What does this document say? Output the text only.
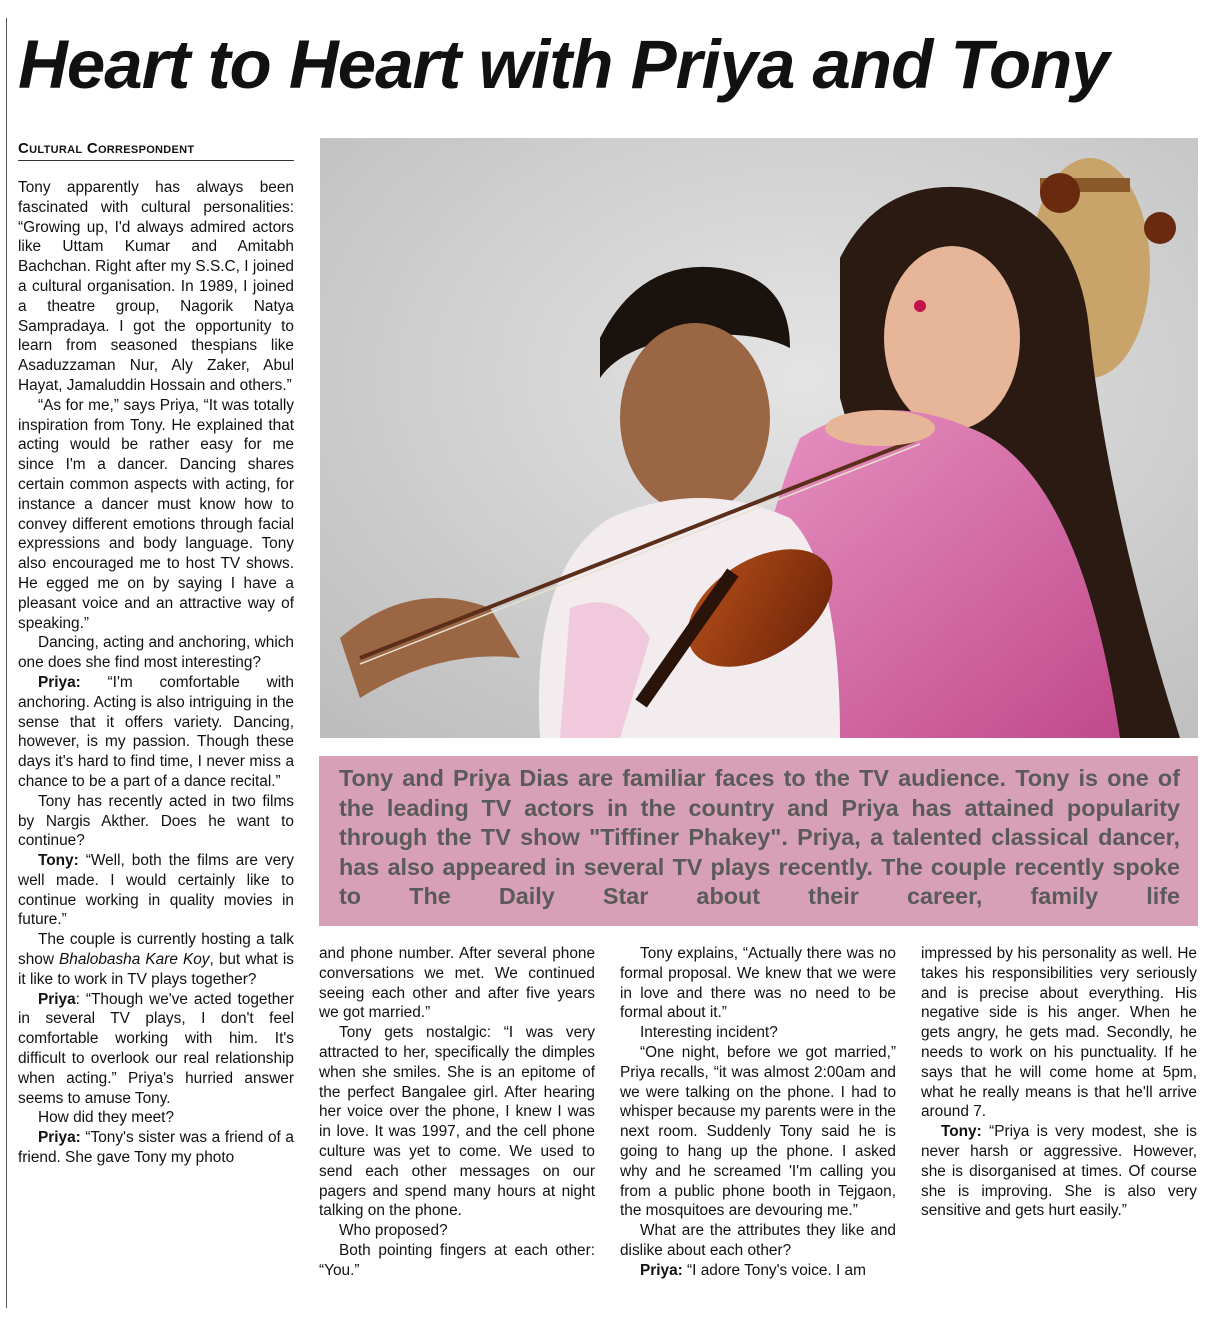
Heart to Heart with Priya and Tony
Cultural Correspondent

Tony apparently has always been fascinated with cultural personalities: “Growing up, I'd always admired actors like Uttam Kumar and Amitabh Bachchan. Right after my S.S.C, I joined a cultural organisation. In 1989, I joined a theatre group, Nagorik Natya Sampradaya. I got the opportunity to learn from seasoned thespians like Asaduzzaman Nur, Aly Zaker, Abul Hayat, Jamaluddin Hossain and others.”

“As for me,” says Priya, “It was totally inspiration from Tony. He explained that acting would be rather easy for me since I'm a dancer. Dancing shares certain common aspects with acting, for instance a dancer must know how to convey different emotions through facial expressions and body language. Tony also encouraged me to host TV shows. He egged me on by saying I have a pleasant voice and an attractive way of speaking.”

Dancing, acting and anchoring, which one does she find most interesting?

Priya: “I'm comfortable with anchoring. Acting is also intriguing in the sense that it offers variety. Dancing, however, is my passion. Though these days it's hard to find time, I never miss a chance to be a part of a dance recital.”

Tony has recently acted in two films by Nargis Akther. Does he want to continue?

Tony: “Well, both the films are very well made. I would certainly like to continue working in quality movies in future.”

The couple is currently hosting a talk show Bhalobasha Kare Koy, but what is it like to work in TV plays together?

Priya: “Though we've acted together in several TV plays, I don't feel comfortable working with him. It's difficult to overlook our real relationship when acting.” Priya's hurried answer seems to amuse Tony.

How did they meet?

Priya: “Tony's sister was a friend of a friend. She gave Tony my photo

Tony and Priya Dias are familiar faces to the TV audience. Tony is one of the leading TV actors in the country and Priya has attained popularity through the TV show "Tiffiner Phakey". Priya, a talented classical dancer, has also appeared in several TV plays recently. The couple recently spoke to The Daily Star about their career, family life

and phone number. After several phone conversations we met. We continued seeing each other and after five years we got married.”

Tony gets nostalgic: “I was very attracted to her, specifically the dimples when she smiles. She is an epitome of the perfect Bangalee girl. After hearing her voice over the phone, I knew I was in love. It was 1997, and the cell phone culture was yet to come. We used to send each other messages on our pagers and spend many hours at night talking on the phone.

Who proposed?

Both pointing fingers at each other: “You.”

Tony explains, “Actually there was no formal proposal. We knew that we were in love and there was no need to be formal about it.”

Interesting incident?

“One night, before we got married,” Priya recalls, “it was almost 2:00am and we were talking on the phone. I had to whisper because my parents were in the next room. Suddenly Tony said he is going to hang up the phone. I asked why and he screamed 'I'm calling you from a public phone booth in Tejgaon, the mosquitoes are devouring me.”

What are the attributes they like and dislike about each other?

Priya: “I adore Tony's voice. I am

impressed by his personality as well. He takes his responsibilities very seriously and is precise about everything. His negative side is his anger. When he gets angry, he gets mad. Secondly, he needs to work on his punctuality. If he says that he will come home at 5pm, what he really means is that he'll arrive around 7.

Tony: “Priya is very modest, she is never harsh or aggressive. However, she is disorganised at times. Of course she is improving. She is also very sensitive and gets hurt easily.”
